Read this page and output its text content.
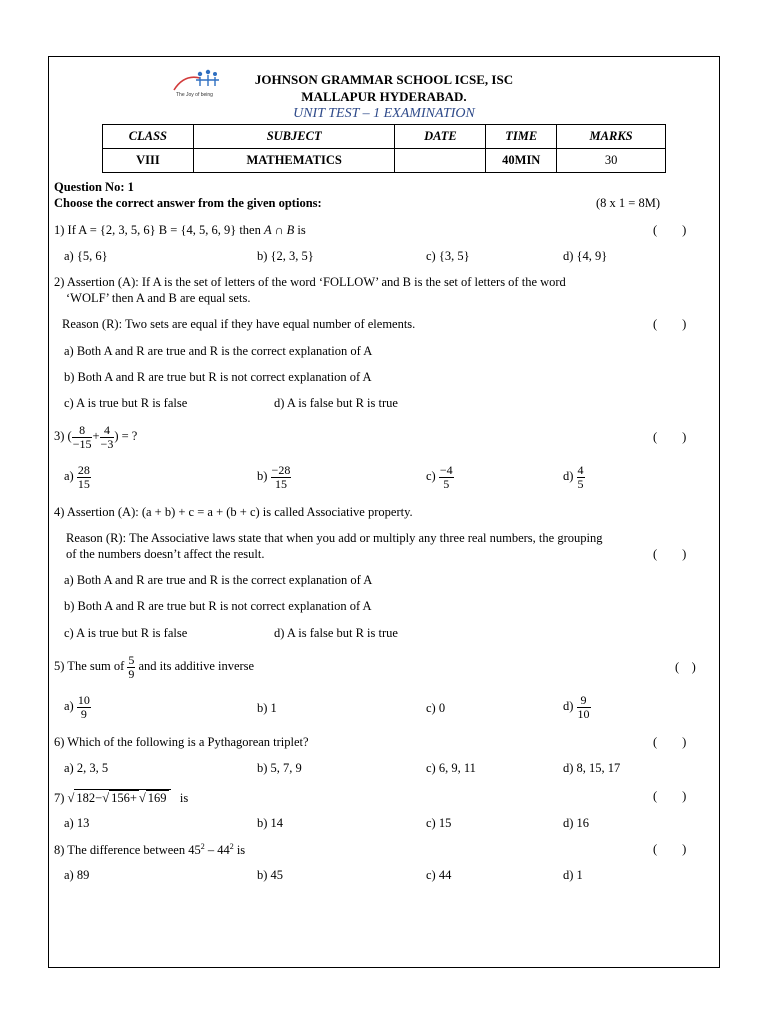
The Joy of being
JOHNSON GRAMMAR SCHOOL ICSE, ISC
MALLAPUR HYDERABAD.
UNIT TEST – 1 EXAMINATION
CLASS	SUBJECT	DATE	TIME	MARKS
VIII	MATHEMATICS		40MIN	30
Question No: 1
Choose the correct answer from the given options:	(8 x 1 = 8M)
1) If A = {2, 3, 5, 6} B = {4, 5, 6, 9} then A ∩ B is	(        )
a) {5, 6}	b) {2, 3, 5}	c) {3, 5}	d) {4, 9}
2) Assertion (A): If A is the set of letters of the word ‘FOLLOW’ and B is the set of letters of the word
‘WOLF’ then A and B are equal sets.
Reason (R): Two sets are equal if they have equal number of elements.	(        )
a) Both A and R are true and R is the correct explanation of A
b) Both A and R are true but R is not correct explanation of A
c) A is true but R is false	d) A is false but R is true
3) ( $\frac{8}{-15} + \frac{4}{-3}$ ) = ?	(        )
$a) \frac{28}{15}$	$b) \frac{-28}{15}$	$c) \frac{-4}{5}$	$d) \frac{4}{5}$
4) Assertion (A): (a + b) + c = a + (b + c) is called Associative property.
Reason (R): The Associative laws state that when you add or multiply any three real numbers, the grouping
of the numbers doesn’t affect the result.	(        )
a) Both A and R are true and R is the correct explanation of A
b) Both A and R are true but R is not correct explanation of A
c) A is true but R is false	d) A is false but R is true
5) The sum of $\frac{5}{9}$ and its additive inverse	(    )
$a) \frac{10}{9}$	b) 1	c) 0	$d) \frac{9}{10}$
6) Which of the following is a Pythagorean triplet?	(        )
a) 2, 3, 5	b) 5, 7, 9	c) 6, 9, 11	d) 8, 15, 17
7) √ 182−√ 156+ √ 169 is	(        )
a) 13	b) 14	c) 15	d) 16
8) The difference between $45^2 - 44^2$ is	(        )
a) 89	b) 45	c) 44	d) 1
